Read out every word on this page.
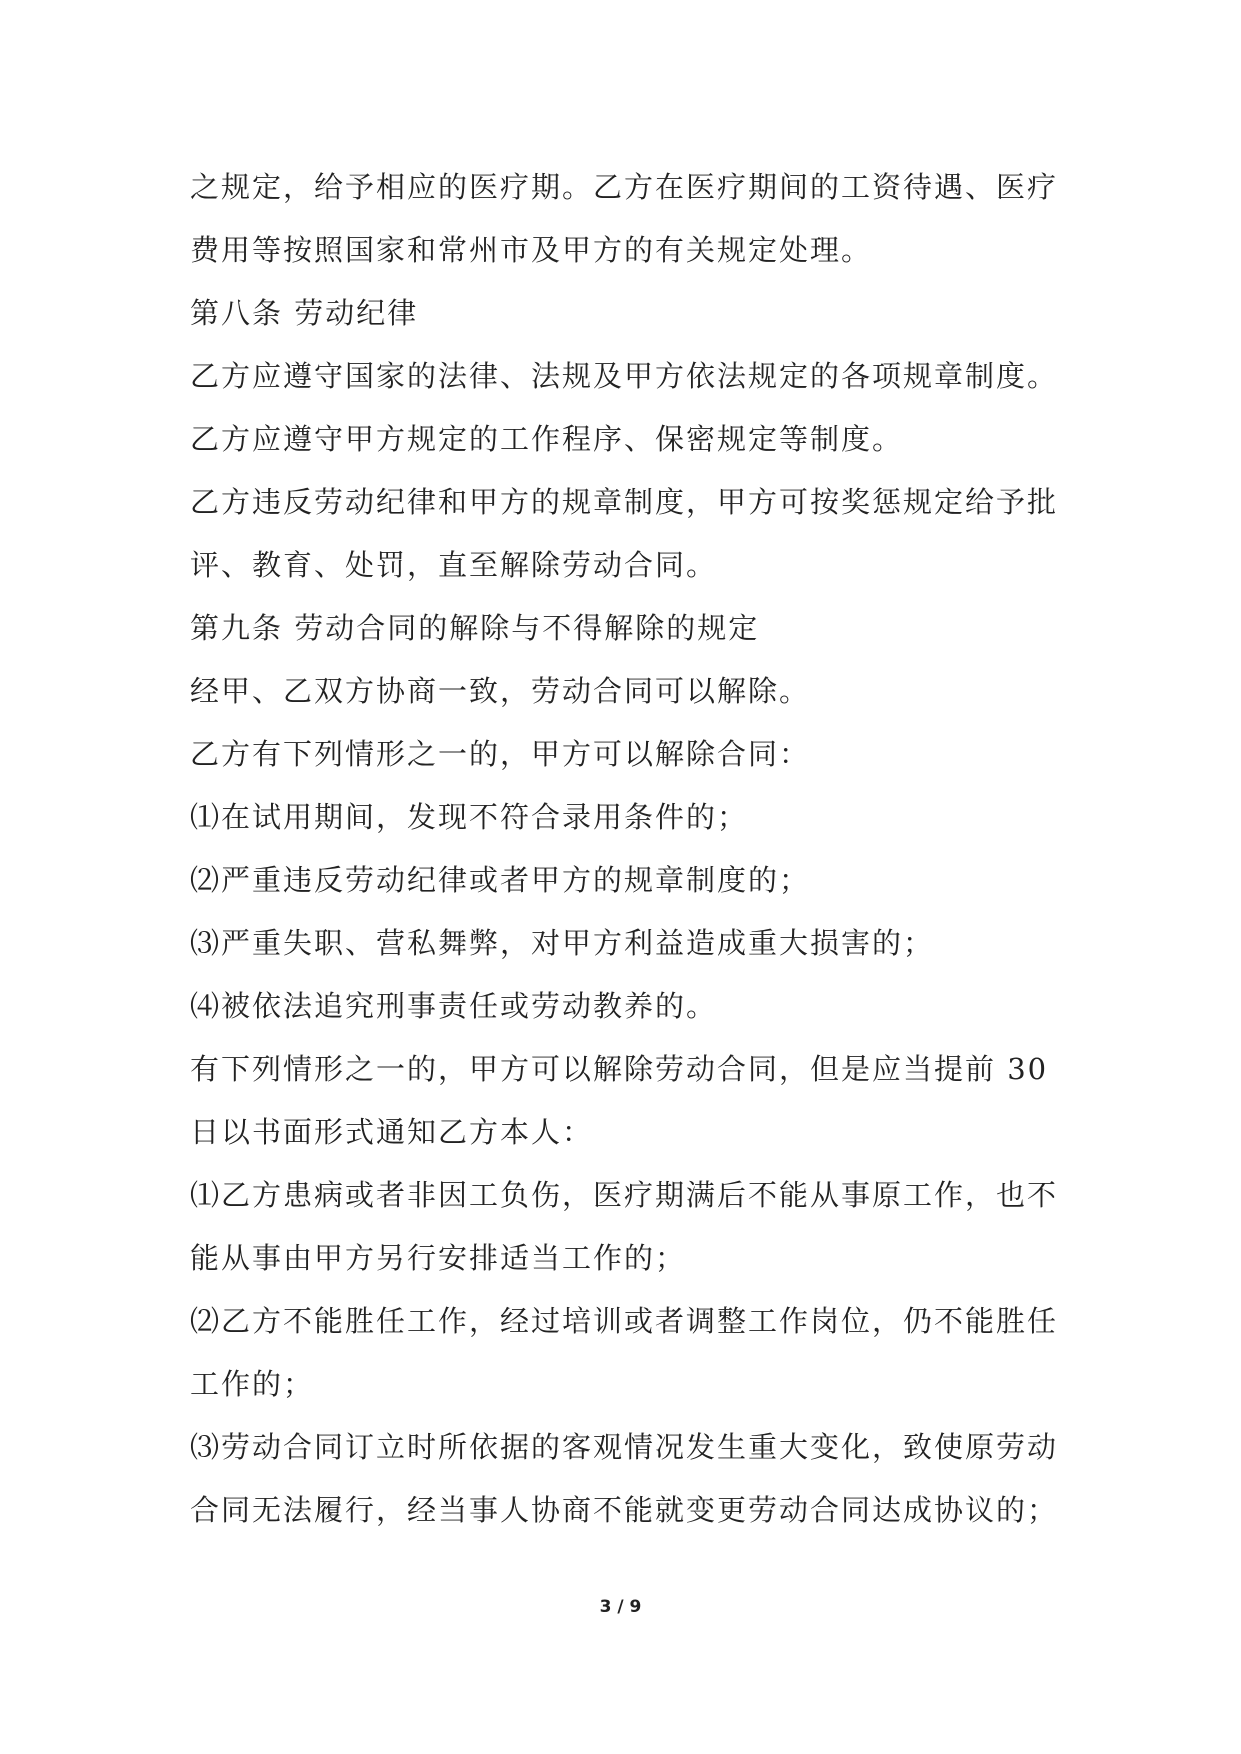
之规定，给予相应的医疗期。乙方在医疗期间的工资待遇、医疗
费用等按照国家和常州市及甲方的有关规定处理。
第八条 劳动纪律
乙方应遵守国家的法律、法规及甲方依法规定的各项规章制度。
乙方应遵守甲方规定的工作程序、保密规定等制度。
乙方违反劳动纪律和甲方的规章制度，甲方可按奖惩规定给予批
评、教育、处罚，直至解除劳动合同。
第九条 劳动合同的解除与不得解除的规定
经甲、乙双方协商一致，劳动合同可以解除。
乙方有下列情形之一的，甲方可以解除合同：
⑴在试用期间，发现不符合录用条件的；
⑵严重违反劳动纪律或者甲方的规章制度的；
⑶严重失职、营私舞弊，对甲方利益造成重大损害的；
⑷被依法追究刑事责任或劳动教养的。
有下列情形之一的，甲方可以解除劳动合同，但是应当提前 30
日以书面形式通知乙方本人：
⑴乙方患病或者非因工负伤，医疗期满后不能从事原工作，也不
能从事由甲方另行安排适当工作的；
⑵乙方不能胜任工作，经过培训或者调整工作岗位，仍不能胜任
工作的；
⑶劳动合同订立时所依据的客观情况发生重大变化，致使原劳动
合同无法履行，经当事人协商不能就变更劳动合同达成协议的；
3 / 9
